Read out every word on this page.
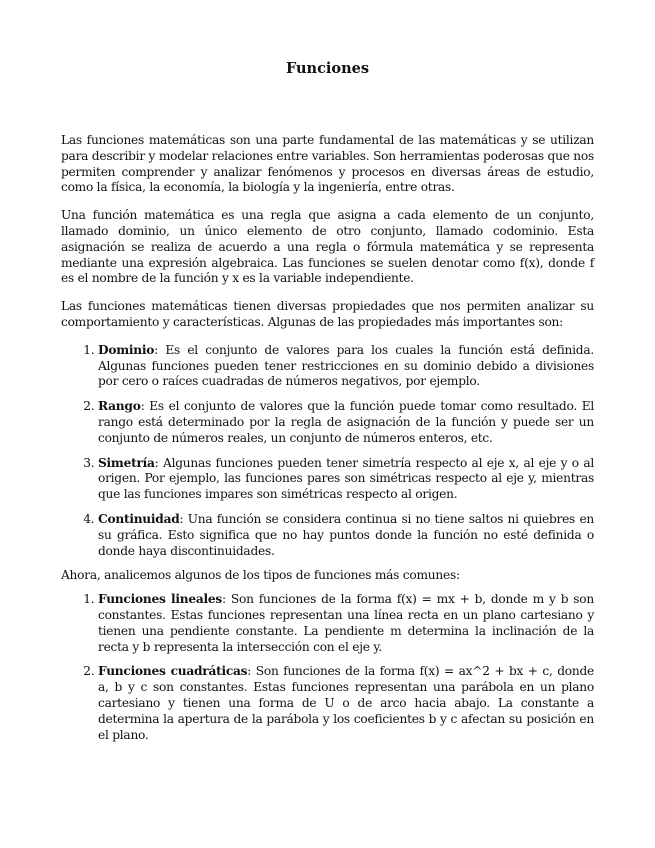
Funciones

Las funciones matemáticas son una parte fundamental de las matemáticas y se utilizan para describir y modelar relaciones entre variables. Son herramientas poderosas que nos permiten comprender y analizar fenómenos y procesos en diversas áreas de estudio, como la física, la economía, la biología y la ingeniería, entre otras.

Una función matemática es una regla que asigna a cada elemento de un conjunto, llamado dominio, un único elemento de otro conjunto, llamado codominio. Esta asignación se realiza de acuerdo a una regla o fórmula matemática y se representa mediante una expresión algebraica. Las funciones se suelen denotar como f(x), donde f es el nombre de la función y x es la variable independiente.

Las funciones matemáticas tienen diversas propiedades que nos permiten analizar su comportamiento y características. Algunas de las propiedades más importantes son:

1. Dominio: Es el conjunto de valores para los cuales la función está definida. Algunas funciones pueden tener restricciones en su dominio debido a divisiones por cero o raíces cuadradas de números negativos, por ejemplo.
2. Rango: Es el conjunto de valores que la función puede tomar como resultado. El rango está determinado por la regla de asignación de la función y puede ser un conjunto de números reales, un conjunto de números enteros, etc.
3. Simetría: Algunas funciones pueden tener simetría respecto al eje x, al eje y o al origen. Por ejemplo, las funciones pares son simétricas respecto al eje y, mientras que las funciones impares son simétricas respecto al origen.
4. Continuidad: Una función se considera continua si no tiene saltos ni quiebres en su gráfica. Esto significa que no hay puntos donde la función no esté definida o donde haya discontinuidades.

Ahora, analicemos algunos de los tipos de funciones más comunes:

1. Funciones lineales: Son funciones de la forma f(x) = mx + b, donde m y b son constantes. Estas funciones representan una línea recta en un plano cartesiano y tienen una pendiente constante. La pendiente m determina la inclinación de la recta y b representa la intersección con el eje y.
2. Funciones cuadráticas: Son funciones de la forma f(x) = ax^2 + bx + c, donde a, b y c son constantes. Estas funciones representan una parábola en un plano cartesiano y tienen una forma de U o de arco hacia abajo. La constante a determina la apertura de la parábola y los coeficientes b y c afectan su posición en el plano.
